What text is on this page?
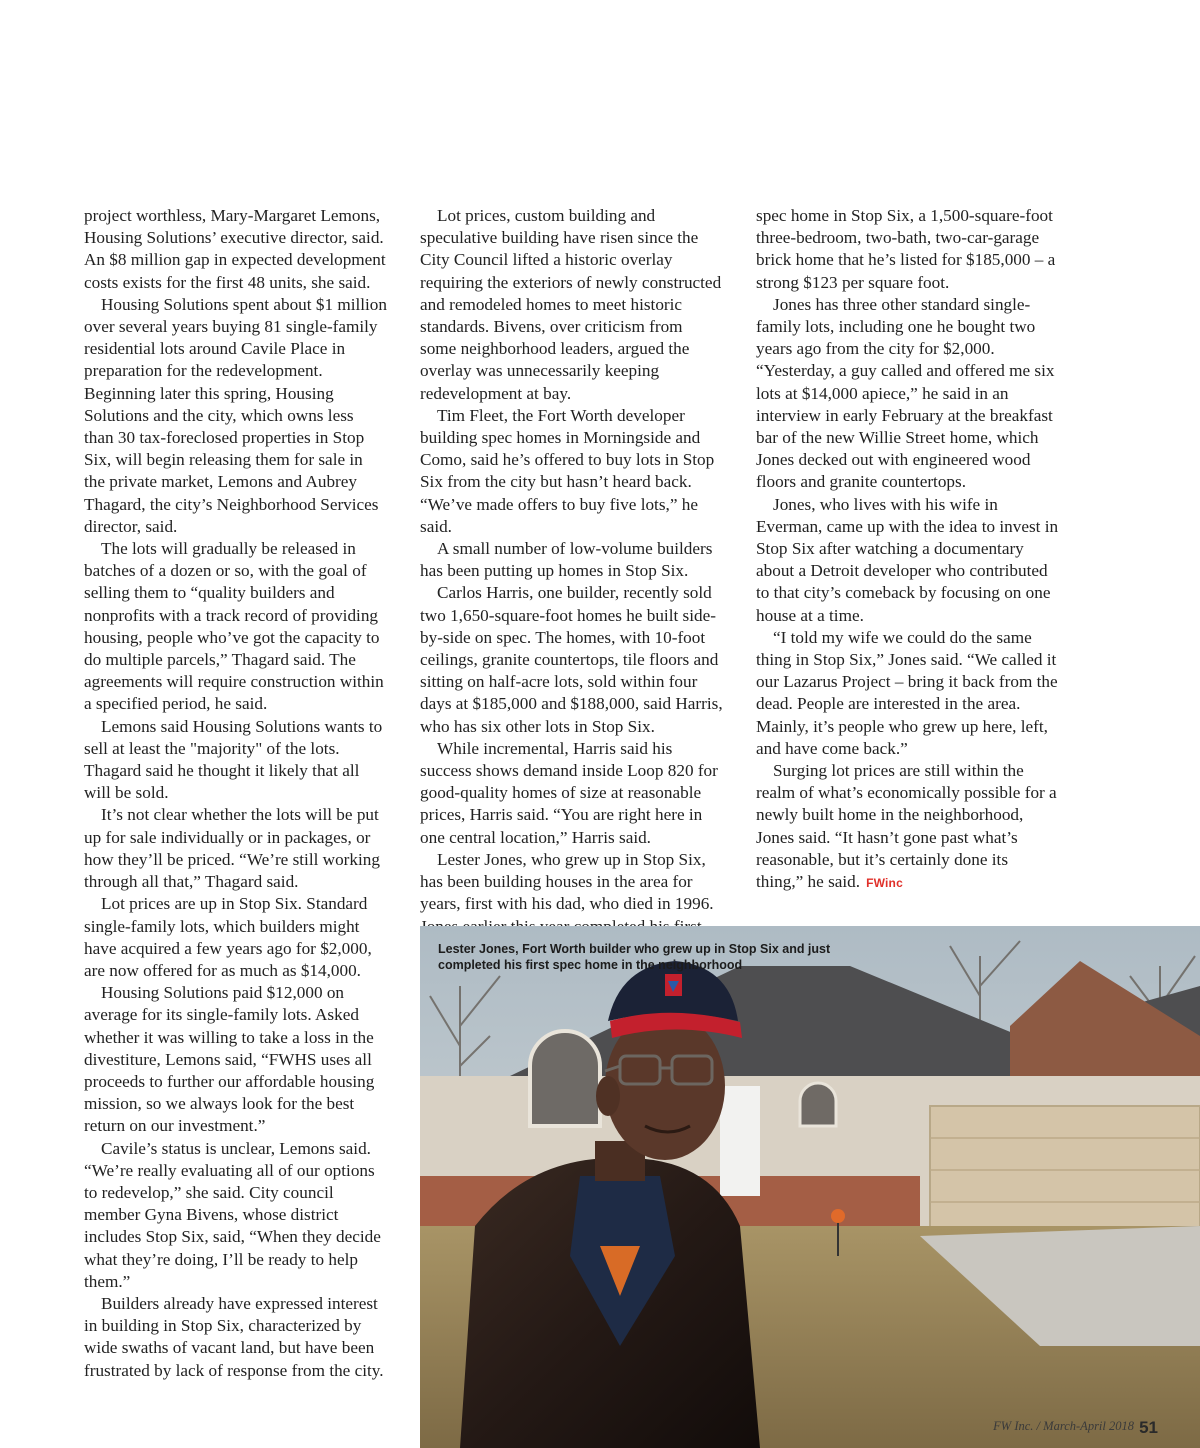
project worthless, Mary-Margaret Lemons, Housing Solutions’ executive director, said. An $8 million gap in expected development costs exists for the first 48 units, she said.

Housing Solutions spent about $1 million over several years buying 81 single-family residential lots around Cavile Place in preparation for the redevelopment. Beginning later this spring, Housing Solutions and the city, which owns less than 30 tax-foreclosed properties in Stop Six, will begin releasing them for sale in the private market, Lemons and Aubrey Thagard, the city’s Neighborhood Services director, said.

The lots will gradually be released in batches of a dozen or so, with the goal of selling them to “quality builders and nonprofits with a track record of providing housing, people who’ve got the capacity to do multiple parcels,” Thagard said. The agreements will require construction within a specified period, he said.

Lemons said Housing Solutions wants to sell at least the "majority" of the lots. Thagard said he thought it likely that all will be sold.

It’s not clear whether the lots will be put up for sale individually or in packages, or how they’ll be priced. “We’re still working through all that,” Thagard said.

Lot prices are up in Stop Six. Standard single-family lots, which builders might have acquired a few years ago for $2,000, are now offered for as much as $14,000.

Housing Solutions paid $12,000 on average for its single-family lots. Asked whether it was willing to take a loss in the divestiture, Lemons said, “FWHS uses all proceeds to further our affordable housing mission, so we always look for the best return on our investment.”

Cavile’s status is unclear, Lemons said. “We’re really evaluating all of our options to redevelop,” she said. City council member Gyna Bivens, whose district includes Stop Six, said, “When they decide what they’re doing, I’ll be ready to help them.”

Builders already have expressed interest in building in Stop Six, characterized by wide swaths of vacant land, but have been frustrated by lack of response from the city.

Lot prices, custom building and speculative building have risen since the City Council lifted a historic overlay requiring the exteriors of newly constructed and remodeled homes to meet historic standards. Bivens, over criticism from some neighborhood leaders, argued the overlay was unnecessarily keeping redevelopment at bay.

Tim Fleet, the Fort Worth developer building spec homes in Morningside and Como, said he’s offered to buy lots in Stop Six from the city but hasn’t heard back. “We’ve made offers to buy five lots,” he said.

A small number of low-volume builders has been putting up homes in Stop Six.

Carlos Harris, one builder, recently sold two 1,650-square-foot homes he built side-by-side on spec. The homes, with 10-foot ceilings, granite countertops, tile floors and sitting on half-acre lots, sold within four days at $185,000 and $188,000, said Harris, who has six other lots in Stop Six.

While incremental, Harris said his success shows demand inside Loop 820 for good-quality homes of size at reasonable prices, Harris said. “You are right here in one central location,” Harris said.

Lester Jones, who grew up in Stop Six, has been building houses in the area for years, first with his dad, who died in 1996.

spec home in Stop Six, a 1,500-square-foot three-bedroom, two-bath, two-car-garage brick home that he’s listed for $185,000 – a strong $123 per square foot.

Jones has three other standard single-family lots, including one he bought two years ago from the city for $2,000. “Yesterday, a guy called and offered me six lots at $14,000 apiece,” he said in an interview in early February at the breakfast bar of the new Willie Street home, which Jones decked out with engineered wood floors and granite countertops.

Jones, who lives with his wife in Everman, came up with the idea to invest in Stop Six after watching a documentary about a Detroit developer who contributed to that city’s comeback by focusing on one house at a time.

“I told my wife we could do the same thing in Stop Six,” Jones said. “We called it our Lazarus Project – bring it back from the dead. People are interested in the area. Mainly, it’s people who grew up here, left, and have come back.”

Surging lot prices are still within the realm of what’s economically possible for a newly built home in the neighborhood, Jones said. “It hasn’t gone past what’s reasonable, but it’s certainly done its thing,” he said. FWinc

Lester Jones, Fort Worth builder who grew up in Stop Six and just completed his first spec home in the neighborhood
FW Inc. / March-April 2018 51
